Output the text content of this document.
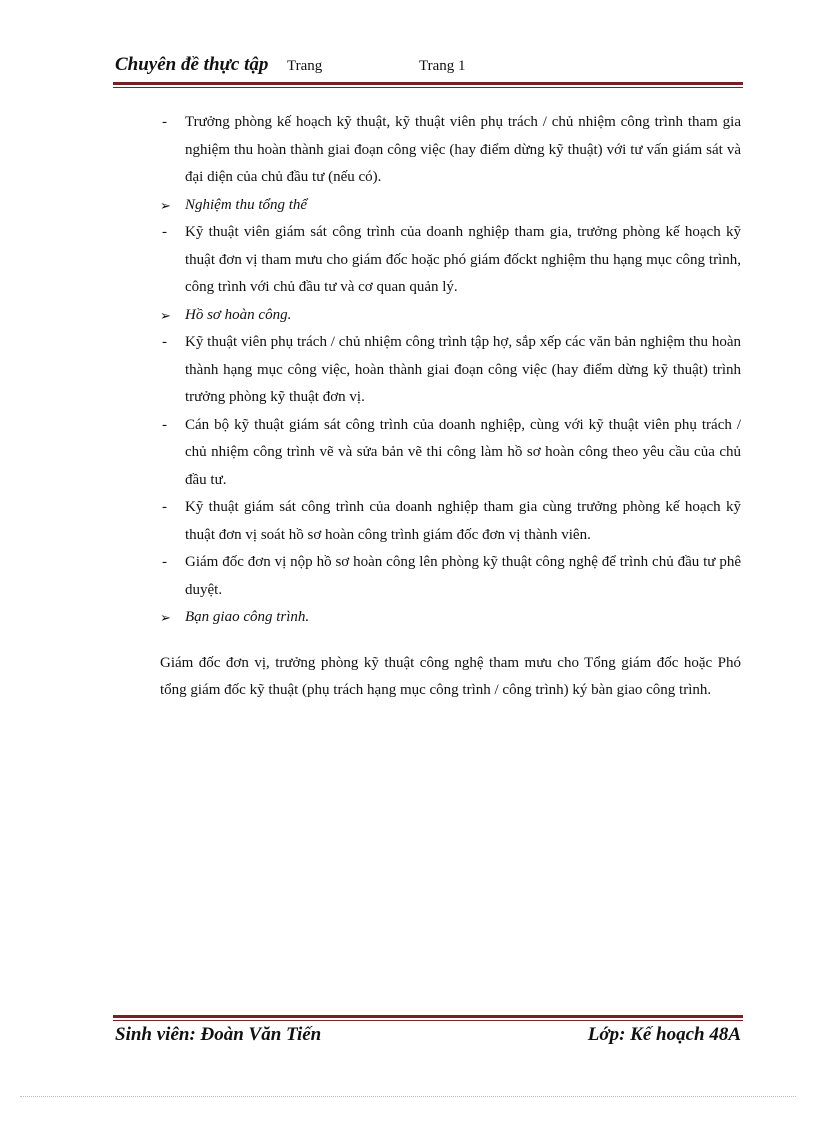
Chuyên đề thực tập Trang	Trang 1
- Trưởng phòng kế hoạch kỹ thuật, kỹ thuật viên phụ trách / chủ nhiệm công trình tham gia nghiệm thu hoàn thành giai đoạn công việc (hay điểm dừng kỹ thuật) với tư vấn giám sát và đại diện của chủ đầu tư (nếu có).
➢ Nghiệm thu tổng thể
- Kỹ thuật viên giám sát công trình của doanh nghiệp tham gia, trưởng phòng kế hoạch kỹ thuật đơn vị tham mưu cho giám đốc hoặc phó giám đốckt nghiệm thu hạng mục công trình, công trình với chủ đầu tư và cơ quan quản lý.
➢ Hồ sơ hoàn công.
- Kỹ thuật viên phụ trách / chủ nhiệm công trình tập hợ, sắp xếp các văn bản nghiệm thu hoàn thành hạng mục công việc, hoàn thành giai đoạn công việc (hay điểm dừng kỹ thuật) trình trưởng phòng kỹ thuật đơn vị.
- Cán bộ kỹ thuật giám sát công trình của doanh nghiệp, cùng với kỹ thuật viên phụ trách / chủ nhiệm công trình vẽ và sửa bản vẽ thi công làm hồ sơ hoàn công theo yêu cầu của chủ đầu tư.
- Kỹ thuật giám sát công trình của doanh nghiệp tham gia cùng trưởng phòng kế hoạch kỹ thuật đơn vị soát hồ sơ hoàn công trình giám đốc đơn vị thành viên.
- Giám đốc đơn vị nộp hồ sơ hoàn công lên phòng kỹ thuật công nghệ để trình chủ đầu tư phê duyệt.
➢ Bạn giao công trình.
Giám đốc đơn vị, trưởng phòng kỹ thuật công nghệ tham mưu cho Tổng giám đốc hoặc Phó tổng giám đốc kỹ thuật (phụ trách hạng mục công trình / công trình) ký bàn giao công trình.
Sinh viên: Đoàn Văn Tiến	Lớp: Kế hoạch 48A
